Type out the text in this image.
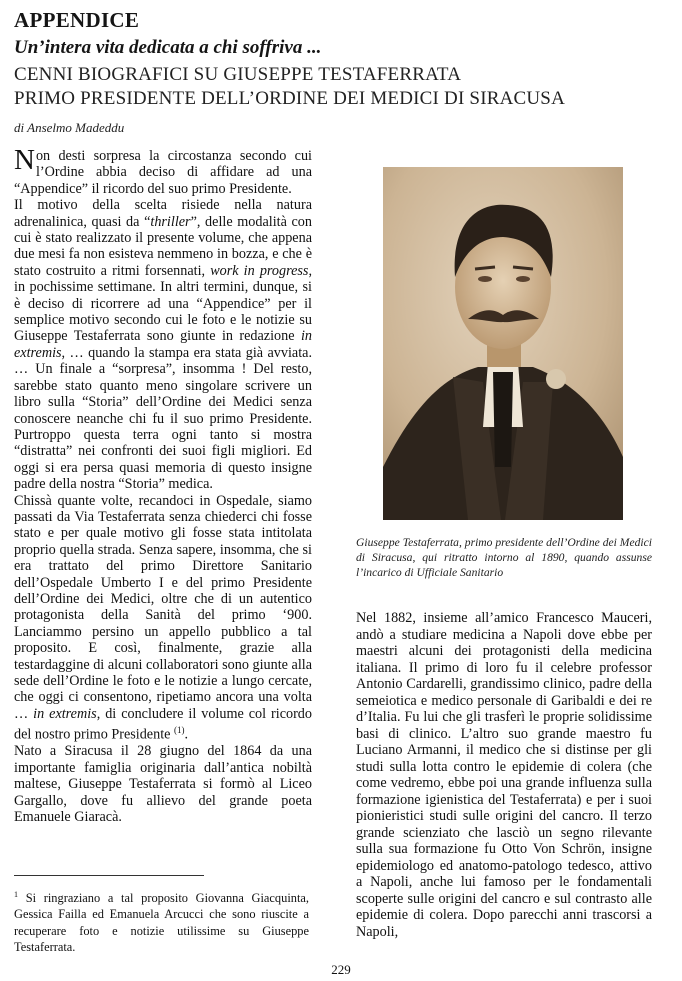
APPENDICE
Un’intera vita dedicata a chi soffriva ...
CENNI BIOGRAFICI SU GIUSEPPE TESTAFERRATA
PRIMO PRESIDENTE DELL’ORDINE DEI MEDICI DI SIRACUSA
di Anselmo Madeddu

Non desti sorpresa la circostanza secondo cui l’Ordine abbia deciso di affidare ad una “Appendice” il ricordo del suo primo Presidente.

Il motivo della scelta risiede nella natura adrenalinica, quasi da “thriller”, delle modalità con cui è stato realizzato il presente volume, che appena due mesi fa non esisteva nemmeno in bozza, e che è stato costruito a ritmi forsennati, work in progress, in pochissime settimane. In altri termini, dunque, si è deciso di ricorrere ad una “Appendice” per il semplice motivo secondo cui le foto e le notizie su Giuseppe Testaferrata sono giunte in redazione in extremis, … quando la stampa era stata già avviata. … Un finale a “sorpresa”, insomma ! Del resto, sarebbe stato quanto meno singolare scrivere un libro sulla “Storia” dell’Ordine dei Medici senza conoscere neanche chi fu il suo primo Presidente. Purtroppo questa terra ogni tanto si mostra “distratta” nei confronti dei suoi figli migliori. Ed oggi si era persa quasi memoria di questo insigne padre della nostra “Storia” medica.

Chissà quante volte, recandoci in Ospedale, siamo passati da Via Testaferrata senza chiederci chi fosse stato e per quale motivo gli fosse stata intitolata proprio quella strada. Senza sapere, insomma, che si era trattato del primo Direttore Sanitario dell’Ospedale Umberto I e del primo Presidente dell’Ordine dei Medici, oltre che di un autentico protagonista della Sanità del primo ‘900. Lanciammo persino un appello pubblico a tal proposito. E così, finalmente, grazie alla testardaggine di alcuni collaboratori sono giunte alla sede dell’Ordine le foto e le notizie a lungo cercate, che oggi ci consentono, ripetiamo ancora una volta … in extremis, di concludere il volume col ricordo del nostro primo Presidente $^{(1)}$.

Nato a Siracusa il 28 giugno del 1864 da una importante famiglia originaria dall’antica nobiltà maltese, Giuseppe Testaferrata si formò al Liceo Gargallo, dove fu allievo del grande poeta Emanuele Giaracà.

$^1$ Si ringraziano a tal proposito Giovanna Giacquinta, Gessica Failla ed Emanuela Arcucci che sono riuscite a recuperare foto e notizie utilissime su Giuseppe Testaferrata.

Giuseppe Testaferrata, primo presidente dell’Ordine dei Medici di Siracusa, qui ritratto intorno al 1890, quando assunse l’incarico di Ufficiale Sanitario

Nel 1882, insieme all’amico Francesco Mauceri, andò a studiare medicina a Napoli dove ebbe per maestri alcuni dei protagonisti della medicina italiana. Il primo di loro fu il celebre professor Antonio Cardarelli, grandissimo clinico, padre della semeiotica e medico personale di Garibaldi e dei re d’Italia. Fu lui che gli trasferì le proprie solidissime basi di clinico. L’altro suo grande maestro fu Luciano Armanni, il medico che si distinse per gli studi sulla lotta contro le epidemie di colera (che come vedremo, ebbe poi una grande influenza sulla formazione igienistica del Testaferrata) e per i suoi pionieristici studi sulle origini del cancro. Il terzo grande scienziato che lasciò un segno rilevante sulla sua formazione fu Otto Von Schrön, insigne epidemiologo ed anatomo-patologo tedesco, attivo a Napoli, anche lui famoso per le fondamentali scoperte sulle origini del cancro e sul contrasto alle epidemie di colera. Dopo parecchi anni trascorsi a Napoli,

229
